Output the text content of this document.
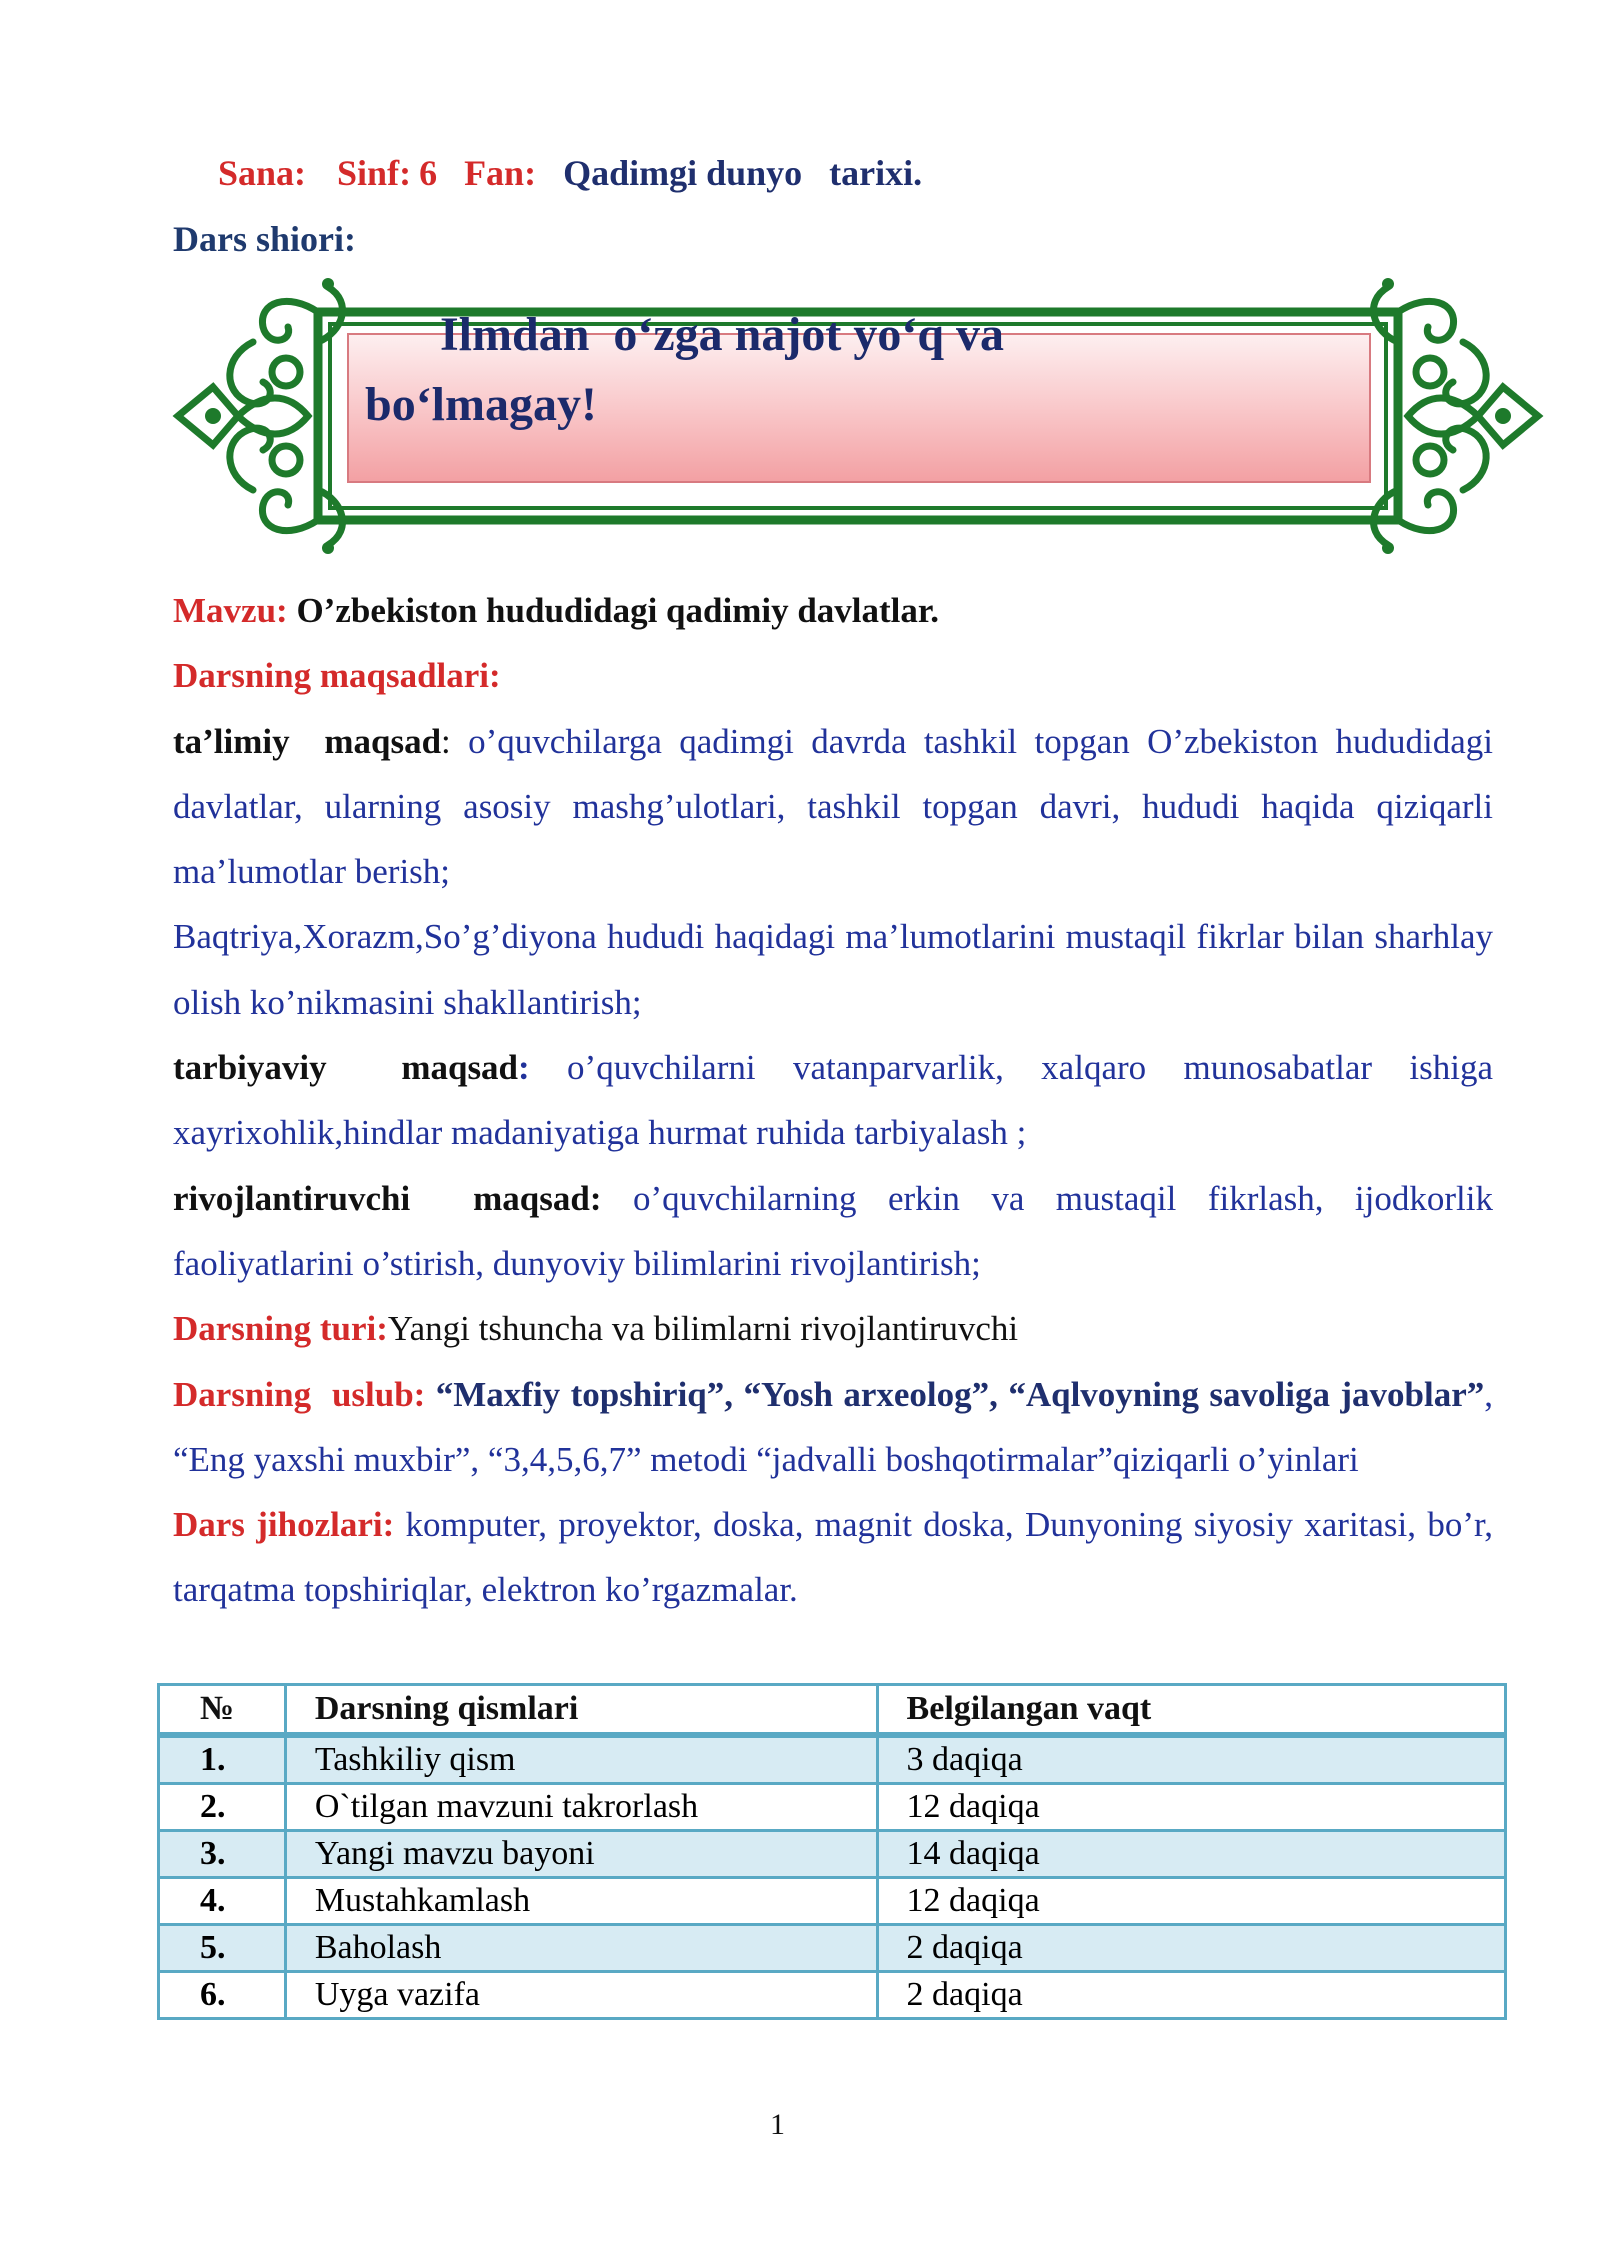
Sana: Sinf: 6 Fan: Qadimgi dunyo   tarixi.
Dars shiori:
Ilmdan  o‘zga najot yo‘q va
bo‘lmagay!

Mavzu: O’zbekiston hududidagi qadimiy davlatlar.

Darsning maqsadlari:

ta’limiy  maqsad: o’quvchilarga qadimgi davrda tashkil topgan O’zbekiston hududidagi davlatlar, ularning asosiy mashg’ulotlari, tashkil topgan davri, hududi haqida qiziqarli ma’lumotlar berish;

Baqtriya,Xorazm,So’g’diyona hududi haqidagi ma’lumotlarini mustaqil fikrlar bilan sharhlay olish ko’nikmasini shakllantirish;

tarbiyaviy  maqsad: o’quvchilarni vatanparvarlik, xalqaro munosabatlar ishiga xayrixohlik,hindlar madaniyatiga hurmat ruhida tarbiyalash ;

rivojlantiruvchi  maqsad: o’quvchilarning erkin va mustaqil fikrlash, ijodkorlik faoliyatlarini o’stirish, dunyoviy bilimlarini rivojlantirish;

Darsning turi:Yangi tshuncha va bilimlarni rivojlantiruvchi

Darsning  uslub: “Maxfiy topshiriq”, “Yosh arxeolog”, “Aqlvoyning savoliga javoblar”, “Eng yaxshi muxbir”, “3,4,5,6,7” metodi “jadvalli boshqotirmalar”qiziqarli o’yinlari

Dars jihozlari: komputer, proyektor, doska, magnit doska, Dunyoning siyosiy xaritasi, bo’r, tarqatma topshiriqlar, elektron ko’rgazmalar.

№	Darsning qismlari	Belgilangan vaqt
1.	Tashkiliy qism	3 daqiqa
2.	O`tilgan mavzuni takrorlash	12 daqiqa
3.	Yangi mavzu bayoni	14 daqiqa
4.	Mustahkamlash	12 daqiqa
5.	Baholash	2 daqiqa
6.	Uyga vazifa	2 daqiqa
1
